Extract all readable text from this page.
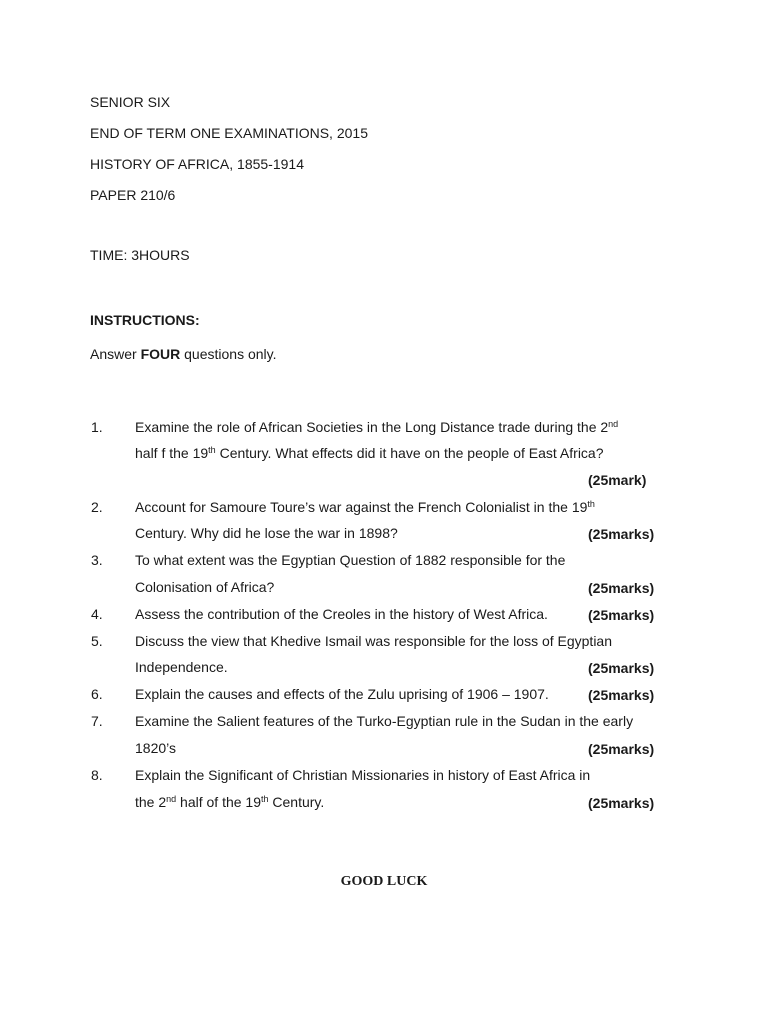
SENIOR SIX
END OF TERM ONE EXAMINATIONS, 2015
HISTORY OF AFRICA, 1855-1914
PAPER 210/6
TIME: 3HOURS
INSTRUCTIONS:
Answer FOUR questions only.
1. Examine the role of African Societies in the Long Distance trade during the 2nd
half f the 19th Century. What effects did it have on the people of East Africa?
(25mark)
2. Account for Samoure Toure’s war against the French Colonialist in the 19th
Century. Why did he lose the war in 1898?	(25marks)
3. To what extent was the Egyptian Question of 1882 responsible for the
Colonisation of Africa?	(25marks)
4. Assess the contribution of the Creoles in the history of West Africa.	(25marks)
5. Discuss the view that Khedive Ismail was responsible for the loss of Egyptian
Independence.	(25marks)
6. Explain the causes and effects of the Zulu uprising of 1906 – 1907.	(25marks)
7. Examine the Salient features of the Turko-Egyptian rule in the Sudan in the early
1820’s	(25marks)
8. Explain the Significant of Christian Missionaries in history of East Africa in
the 2nd half of the 19th Century.	(25marks)
GOOD LUCK
